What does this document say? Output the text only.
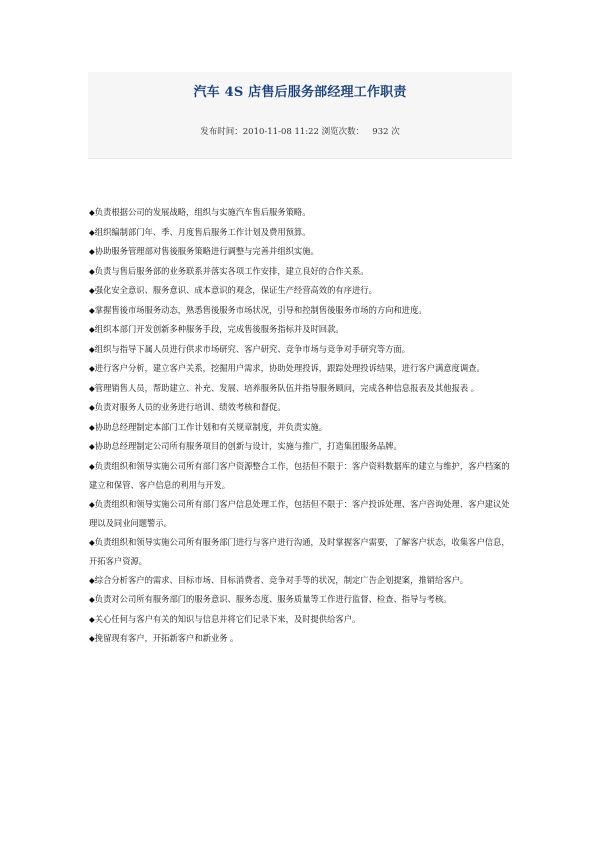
汽车 4S 店售后服务部经理工作职责
发布时间：2010-11-08 11:22 浏览次数： 932 次
◆负责根据公司的发展战略，组织与实施汽车售后服务策略。
◆组织编制部门年、季、月度售后服务工作计划及费用预算。
◆协助服务管理部对售後服务策略进行调整与完善并组织实施。
◆负责与售后服务部的业务联系并落实各项工作安排，建立良好的合作关系。
◆强化安全意识、服务意识、成本意识的观念，保证生产经营高效的有序进行。
◆掌握售後市场服务动态，熟悉售後服务市场状况，引导和控制售後服务市场的方向和进度。
◆组织本部门开发创新多种服务手段，完成售後服务指标并及时回款。
◆组织与指导下属人员进行供求市场研究、客户研究、竞争市场与竞争对手研究等方面。
◆进行客户分析，建立客户关系，挖掘用户需求，协助处理投诉，跟踪处理投诉结果，进行客户满意度调查。
◆管理销售人员，帮助建立、补充、发展、培养服务队伍并指导服务顾问，完成各种信息报表及其他报表 。
◆负责对服务人员的业务进行培训、绩效考核和督促。
◆协助总经理制定本部门工作计划和有关规章制度，并负责实施。
◆协助总经理制定公司所有服务项目的创新与设计，实施与推广，打造集团服务品牌。
◆负责组织和领导实施公司所有部门客户资源整合工作，包括但不限于：客户资料数据库的建立与维护，客户档案的建立和保管、客户信息的利用与开发。
◆负责组织和领导实施公司所有部门客户信息处理工作，包括但不限于：客户投诉处理、客户咨询处理、客户建议处理以及同业问题警示。
◆负责组织和领导实施公司所有服务部门进行与客户进行沟通，及时掌握客户需要，了解客户状态，收集客户信息，开拓客户资源。
◆综合分析客户的需求、目标市场、目标消费者、竞争对手等的状况，制定广告企划提案，推销给客户。
◆负责对公司所有服务部门的服务意识、服务态度、服务质量等工作进行监督、检查、指导与考核。
◆关心任何与客户有关的知识与信息并将它们记录下来，及时提供给客户。
◆挽留现有客户，开拓新客户和新业务 。
